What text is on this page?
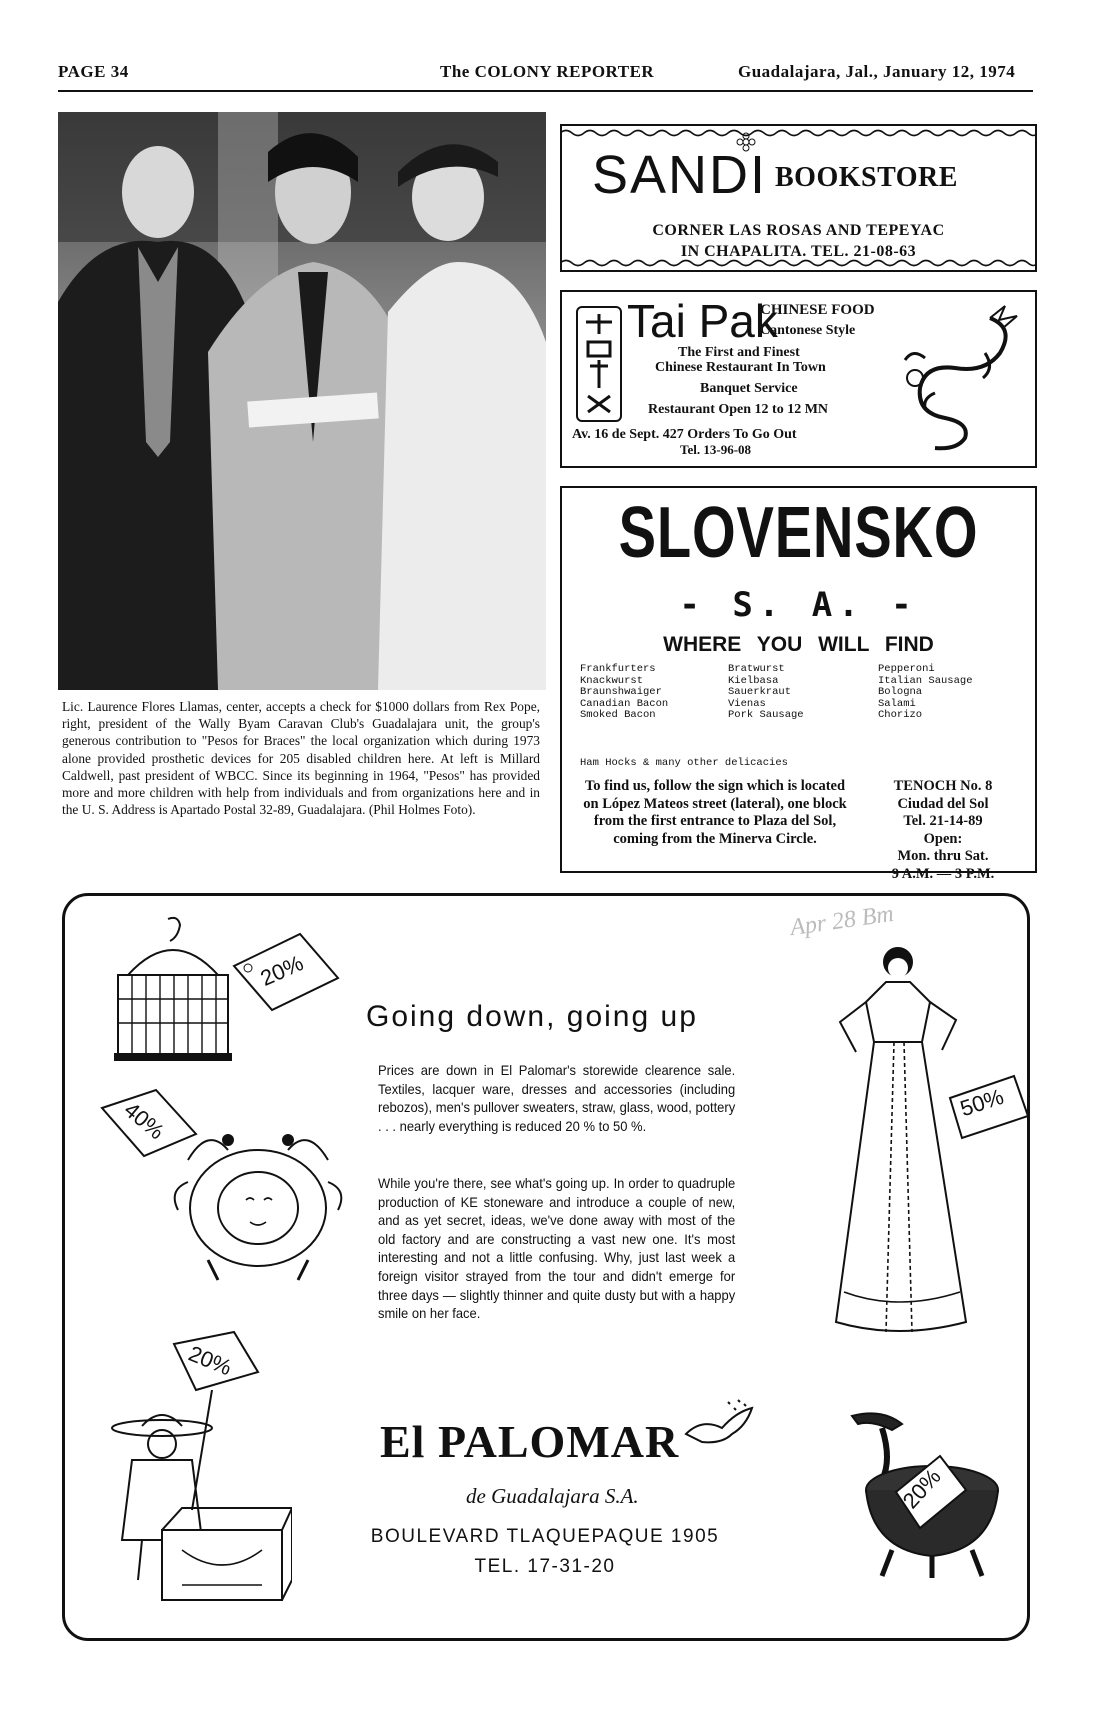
PAGE 34	The COLONY REPORTER	Guadalajara, Jal., January 12, 1974
Lic. Laurence Flores Llamas, center, accepts a check for $1000 dollars from Rex Pope, right, president of the Wally Byam Caravan Club's Guadalajara unit, the group's generous contribution to "Pesos for Braces" the local organization which during 1973 alone provided prosthetic devices for 205 disabled children here. At left is Millard Caldwell, past president of WBCC. Since its beginning in 1964, "Pesos" has provided more and more children with help from individuals and from organizations here and in the U. S. Address is Apartado Postal 32-89, Guadalajara. (Phil Holmes Foto).
SANDI BOOKSTORE
CORNER LAS ROSAS AND TEPEYAC
IN CHAPALITA. TEL. 21-08-63
Tai Pak
CHINESE FOOD
Cantonese Style
The First and Finest
Chinese Restaurant In Town
Banquet Service
Restaurant Open 12 to 12 MN
Av. 16 de Sept. 427 Orders To Go Out
Tel. 13-96-08
SLOVENSKO
- S. A. -
WHERE YOU WILL FIND
Frankfurters
Knackwurst
Braunshwaiger
Canadian Bacon
Smoked Bacon
Bratwurst
Kielbasa
Sauerkraut
Vienas
Pork Sausage
Pepperoni
Italian Sausage
Bologna
Salami
Chorizo
Ham Hocks & many other delicacies
To find us, follow the sign which is located on López Mateos street (lateral), one block from the first entrance to Plaza del Sol, coming from the Minerva Circle.
TENOCH No. 8
Ciudad del Sol
Tel. 21-14-89
Open:
Mon. thru Sat.
9 A.M. — 3 P.M.
Going down, going up
Prices are down in El Palomar's storewide clearence sale. Textiles, lacquer ware, dresses and accessories (including rebozos), men's pullover sweaters, straw, glass, wood, pottery . . . nearly everything is reduced 20 % to 50 %.
While you're there, see what's going up. In order to quadruple production of KE stoneware and introduce a couple of new, and as yet secret, ideas, we've done away with most of the old factory and are constructing a vast new one. It's most interesting and not a little confusing. Why, just last week a foreign visitor strayed from the tour and didn't emerge for three days — slightly thinner and quite dusty but with a happy smile on her face.
Apr 28 Bm
20%
40%
20%
50%
20%
El PALOMAR
de Guadalajara S.A.
BOULEVARD TLAQUEPAQUE 1905
TEL. 17-31-20
